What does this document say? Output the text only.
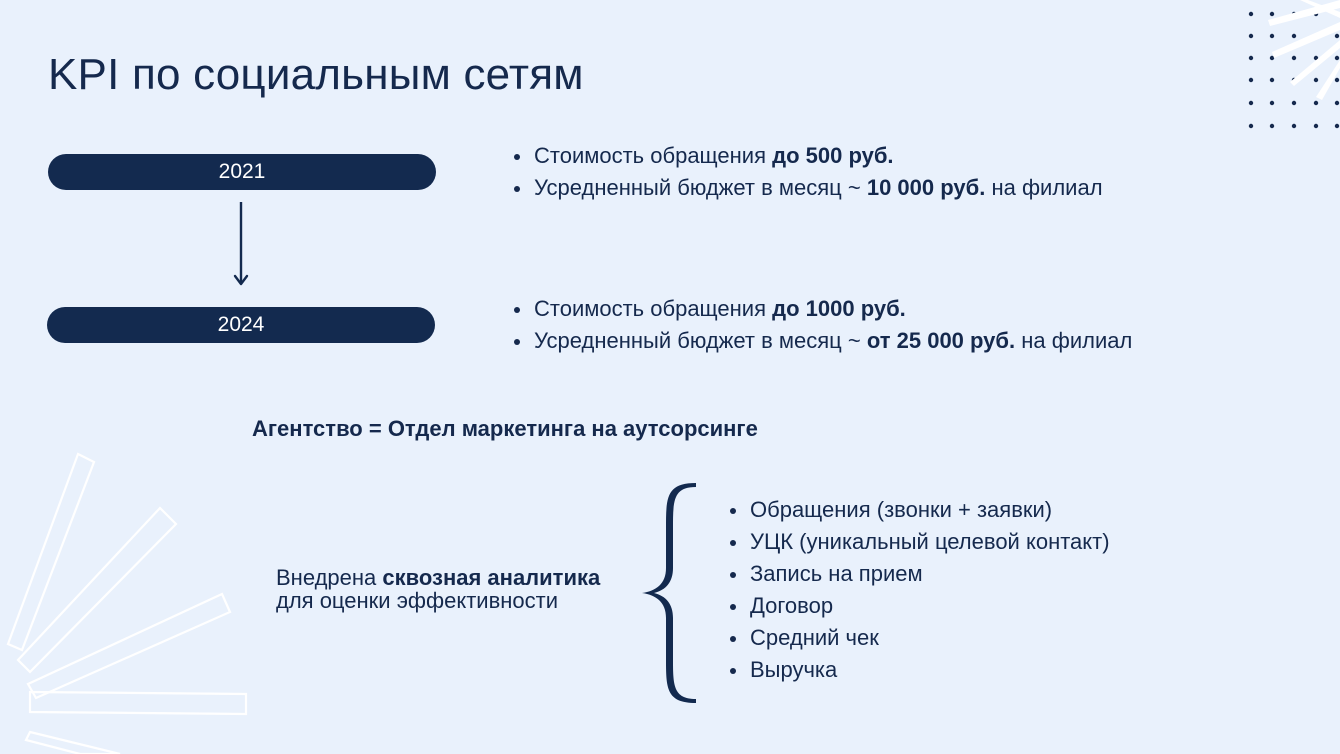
KPI по социальным сетям
2021
2024
Стоимость обращения до 500 руб.
Усредненный бюджет в месяц ~ 10 000 руб. на филиал
Стоимость обращения до 1000 руб.
Усредненный бюджет в месяц ~ от 25 000 руб. на филиал
Агентство = Отдел маркетинга на аутсорсинге
Внедрена сквозная аналитика
для оценки эффективности
Обращения (звонки + заявки)
УЦК (уникальный целевой контакт)
Запись на прием
Договор
Средний чек
Выручка
